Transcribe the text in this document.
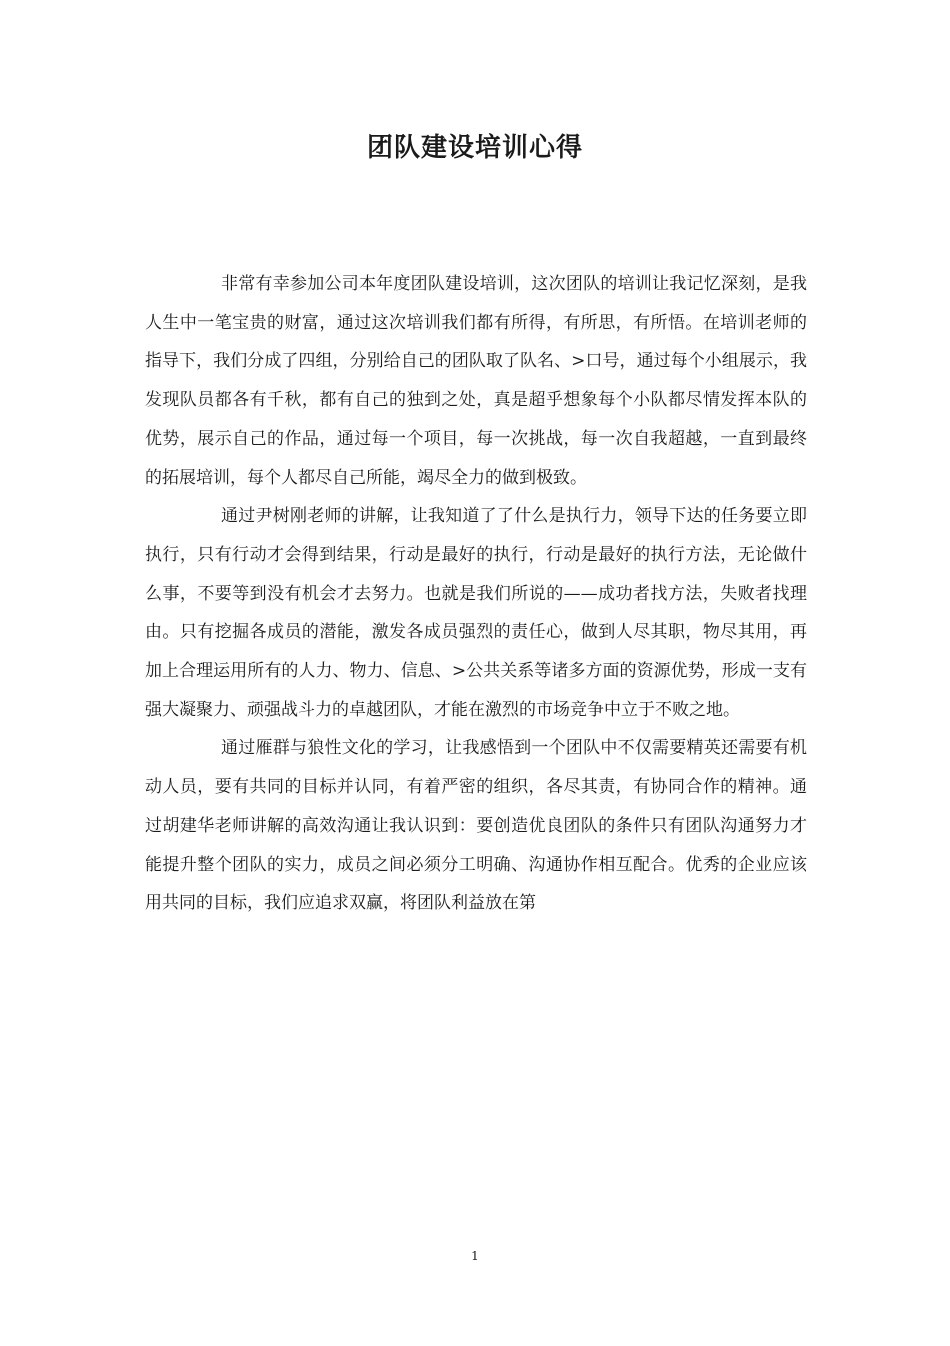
团队建设培训心得

非常有幸参加公司本年度团队建设培训，这次团队的培训让我记忆深刻，是我人生中一笔宝贵的财富，通过这次培训我们都有所得，有所思，有所悟。在培训老师的指导下，我们分成了四组，分别给自己的团队取了队名、>口号，通过每个小组展示，我发现队员都各有千秋，都有自己的独到之处，真是超乎想象每个小队都尽情发挥本队的优势，展示自己的作品，通过每一个项目，每一次挑战，每一次自我超越，一直到最终的拓展培训，每个人都尽自己所能，竭尽全力的做到极致。

通过尹树刚老师的讲解，让我知道了了什么是执行力，领导下达的任务要立即执行，只有行动才会得到结果，行动是最好的执行，行动是最好的执行方法，无论做什么事，不要等到没有机会才去努力。也就是我们所说的——成功者找方法，失败者找理由。只有挖掘各成员的潜能，激发各成员强烈的责任心，做到人尽其职，物尽其用，再加上合理运用所有的人力、物力、信息、>公共关系等诸多方面的资源优势，形成一支有强大凝聚力、顽强战斗力的卓越团队，才能在激烈的市场竞争中立于不败之地。

通过雁群与狼性文化的学习，让我感悟到一个团队中不仅需要精英还需要有机动人员，要有共同的目标并认同，有着严密的组织，各尽其责，有协同合作的精神。通过胡建华老师讲解的高效沟通让我认识到：要创造优良团队的条件只有团队沟通努力才能提升整个团队的实力，成员之间必须分工明确、沟通协作相互配合。优秀的企业应该用共同的目标，我们应追求双赢，将团队利益放在第

1
